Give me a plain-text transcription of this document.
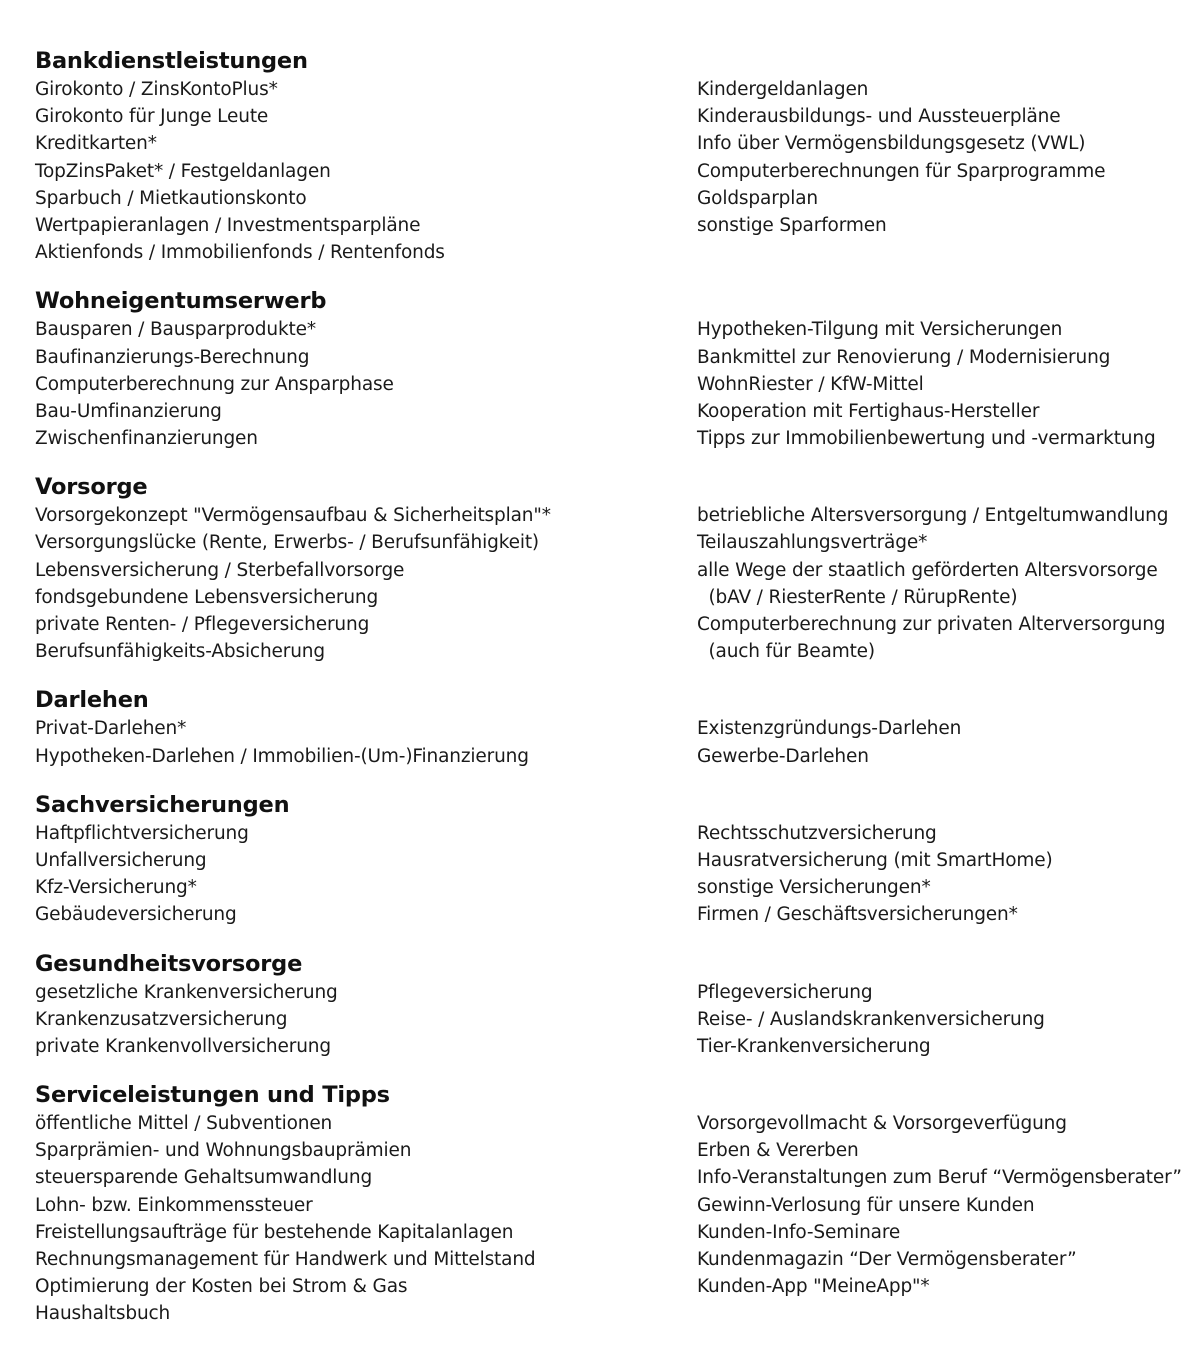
Bankdienstleistungen
Girokonto / ZinsKontoPlus*
Girokonto für Junge Leute
Kreditkarten*
TopZinsPaket* / Festgeldanlagen
Sparbuch / Mietkautionskonto
Wertpapieranlagen / Investmentsparpläne
Aktienfonds / Immobilienfonds / Rentenfonds
Kindergeldanlagen
Kinderausbildungs- und Aussteuerpläne
Info über Vermögensbildungsgesetz (VWL)
Computerberechnungen für Sparprogramme
Goldsparplan
sonstige Sparformen
Wohneigentumserwerb
Bausparen / Bausparprodukte*
Baufinanzierungs-Berechnung
Computerberechnung zur Ansparphase
Bau-Umfinanzierung
Zwischenfinanzierungen
Hypotheken-Tilgung mit Versicherungen
Bankmittel zur Renovierung / Modernisierung
WohnRiester / KfW-Mittel
Kooperation mit Fertighaus-Hersteller
Tipps zur Immobilienbewertung und -vermarktung
Vorsorge
Vorsorgekonzept "Vermögensaufbau & Sicherheitsplan"*
Versorgungslücke (Rente, Erwerbs- / Berufsunfähigkeit)
Lebensversicherung / Sterbefallvorsorge
fondsgebundene Lebensversicherung
private Renten- / Pflegeversicherung
Berufsunfähigkeits-Absicherung
betriebliche Altersversorgung / Entgeltumwandlung
Teilauszahlungsverträge*
alle Wege der staatlich geförderten Altersvorsorge
(bAV / RiesterRente / RürupRente)
Computerberechnung zur privaten Alterversorgung
(auch für Beamte)
Darlehen
Privat-Darlehen*
Hypotheken-Darlehen / Immobilien-(Um-)Finanzierung
Existenzgründungs-Darlehen
Gewerbe-Darlehen
Sachversicherungen
Haftpflichtversicherung
Unfallversicherung
Kfz-Versicherung*
Gebäudeversicherung
Rechtsschutzversicherung
Hausratversicherung (mit SmartHome)
sonstige Versicherungen*
Firmen / Geschäftsversicherungen*
Gesundheitsvorsorge
gesetzliche Krankenversicherung
Krankenzusatzversicherung
private Krankenvollversicherung
Pflegeversicherung
Reise- / Auslandskrankenversicherung
Tier-Krankenversicherung
Serviceleistungen und Tipps
öffentliche Mittel / Subventionen
Sparprämien- und Wohnungsbauprämien
steuersparende Gehaltsumwandlung
Lohn- bzw. Einkommenssteuer
Freistellungsaufträge für bestehende Kapitalanlagen
Rechnungsmanagement für Handwerk und Mittelstand
Optimierung der Kosten bei Strom & Gas
Haushaltsbuch
Vorsorgevollmacht & Vorsorgeverfügung
Erben & Vererben
Info-Veranstaltungen zum Beruf “Vermögensberater”
Gewinn-Verlosung für unsere Kunden
Kunden-Info-Seminare
Kundenmagazin “Der Vermögensberater”
Kunden-App "MeineApp"*
